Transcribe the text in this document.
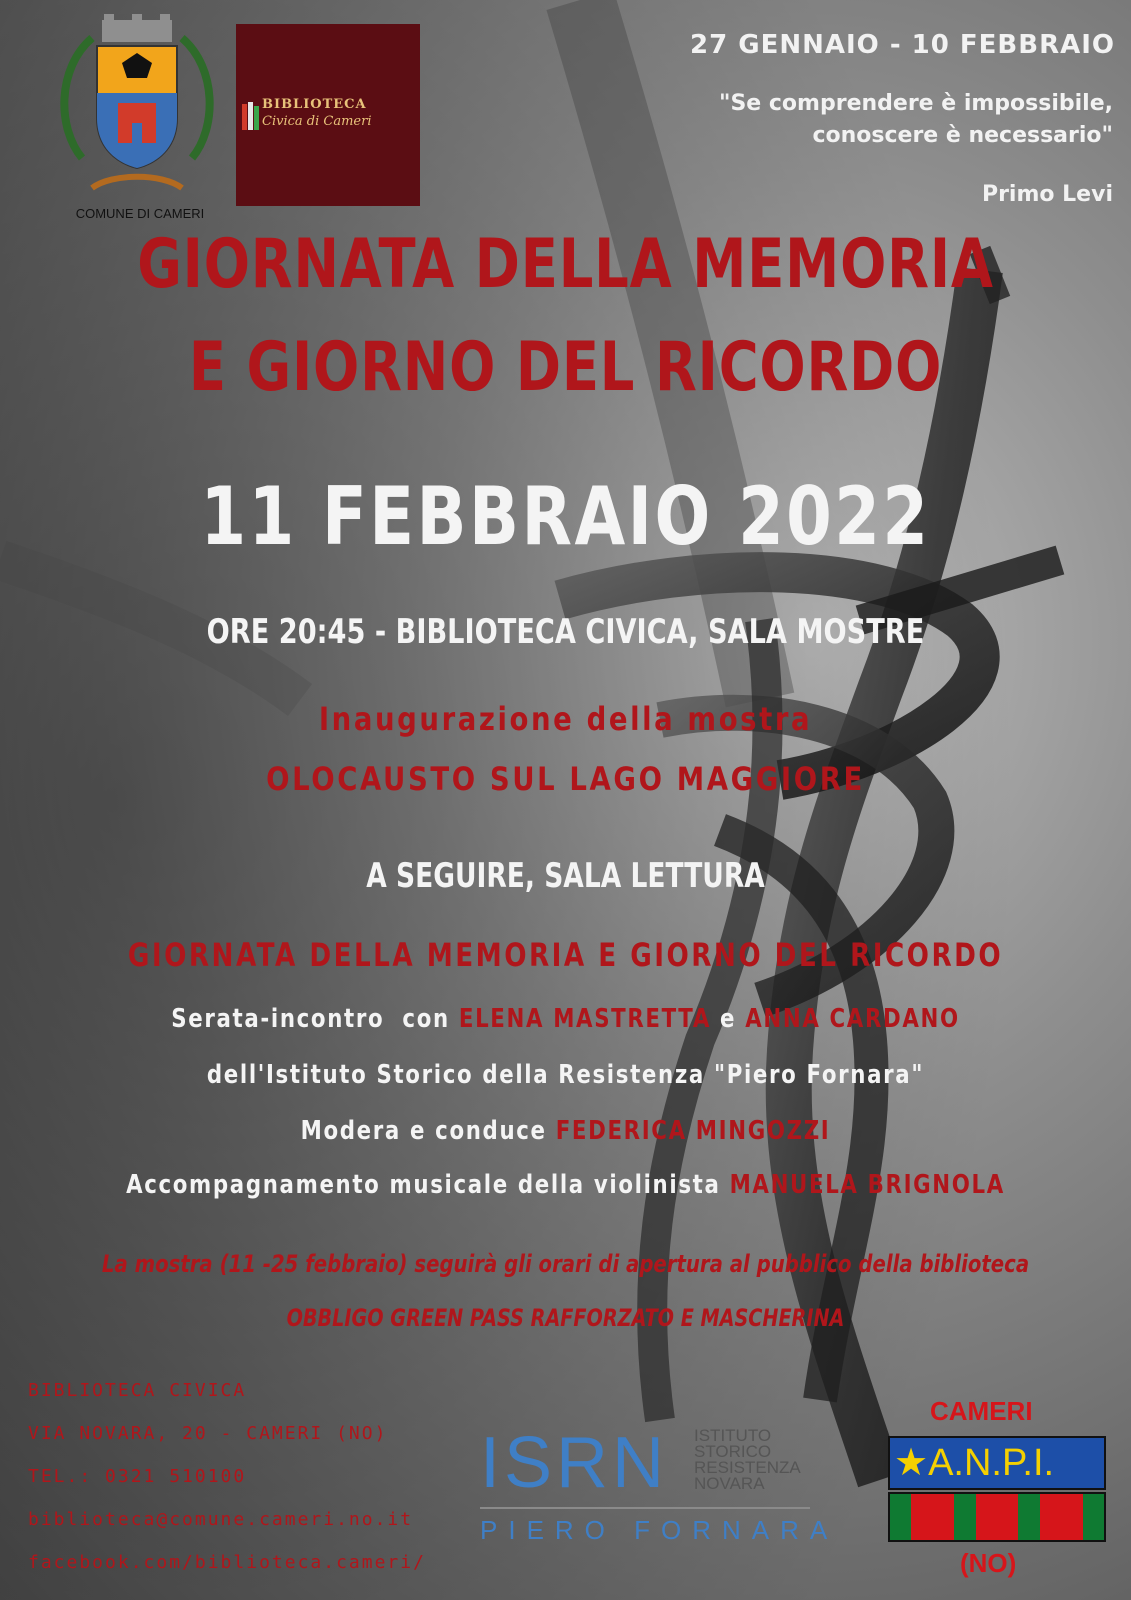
COMUNE DI CAMERI
BIBLIOTECA
Civica di Cameri
27 GENNAIO - 10 FEBBRAIO
"Se comprendere è impossibile,
conoscere è necessario"
Primo Levi
GIORNATA DELLA MEMORIA
E GIORNO DEL RICORDO
11 FEBBRAIO 2022
ORE 20:45 - BIBLIOTECA CIVICA, SALA MOSTRE
Inaugurazione della mostra
OLOCAUSTO SUL LAGO MAGGIORE
A SEGUIRE, SALA LETTURA
GIORNATA DELLA MEMORIA E GIORNO DEL RICORDO
Serata-incontro  con ELENA MASTRETTA e ANNA CARDANO
dell'Istituto Storico della Resistenza "Piero Fornara"
Modera e conduce FEDERICA MINGOZZI
Accompagnamento musicale della violinista MANUELA BRIGNOLA
La mostra (11 -25 febbraio) seguirà gli orari di apertura al pubblico della biblioteca
OBBLIGO GREEN PASS RAFFORZATO E MASCHERINA
BIBLIOTECA CIVICA
VIA NOVARA, 20 - CAMERI (NO)
TEL.: 0321 510100
biblioteca@comune.cameri.no.it
facebook.com/biblioteca.cameri/
ISRN ISTITUTO
STORICO
RESISTENZA
NOVARA
PIERO FORNARA
CAMERI
★A.N.P.I.
(NO)
